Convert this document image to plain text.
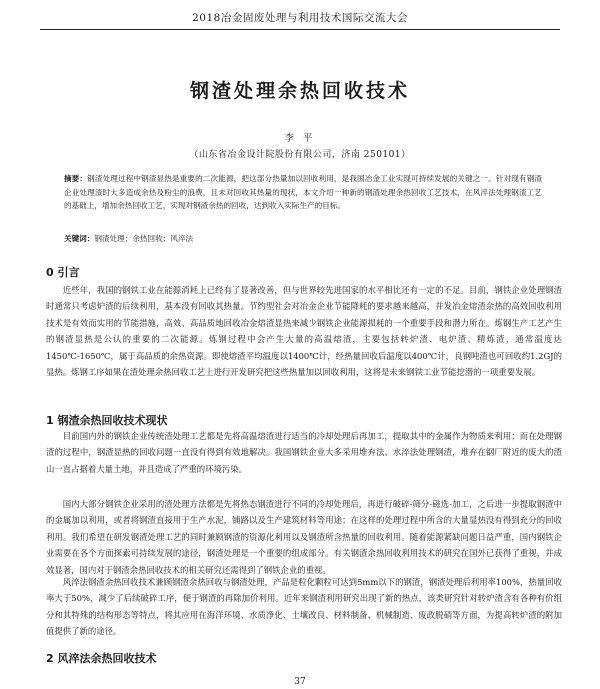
2018冶金固废处理与利用技术国际交流大会
钢渣处理余热回收技术
李 平
（山东省冶金设计院股份有限公司，济南 250101）
摘要：钢渣处理过程中钢渣显热是重要的二次能源，把这部分热量加以回收利用，是我国冶金工业实现可持续发展的关键之一。针对现有钢渣企业处理渣时大多造成余热及粉尘的浪费，且未对回收其热量的现状，本文介绍一种新的钢渣处理余热回收工艺技术，在风淬法处理钢渣工艺的基础上，增加余热回收工艺，实现对钢渣余热的回收，达到收入实际生产的目标。
关键词：钢渣处理；余热回收；风淬法
0 引言
近些年，我国的钢铁工业在能源消耗上已经有了显著改善，但与世界较先进国家的水平相比还有一定的不足。目前，钢铁企业处理钢渣时通常只考虑炉渣的后续利用，基本没有回收其热量。节约型社会对冶金企业节能降耗的要求越来越高，并发冶金熔渣余热的高效回收利用技术是有效而实用的节能措施，高效、高品质地回收冶金熔渣显热来减少钢铁企业能源损耗的一个重要手段和潜力所在。炼钢生产工艺产生的钢渣显热是公认的重要的二次能源。炼钢过程中会产生大量的高温熔渣，主要包括转炉渣、电炉渣、精炼渣，通常温度达1450℃-1650℃，属于高品质的余热资源。即使熔渣平均温度以1400℃计，经热量回收后温度以400℃计，良钢吨渣也可回收约1.2GJ的显热。炼钢工序如果在渣处理余热回收工艺上进行开发研究把这些热量加以回收利用，这将是未来钢铁工业节能挖潜的一项重要发展。
1 钢渣余热回收技术现状
目前国内外的钢铁企业传统渣处理工艺都是先将高温熔渣进行适当的冷却处理后再加工，提取其中的金属作为物质来利用；而在处理钢渣的过程中，钢渣显热的回收问题一直没有得到有效地解决。我国钢铁企业大多采用堆弃法、水淬法处理钢渣，堆弃在钢厂附近的废大的渣山一直占据着大量土地，并且造成了严重的环境污染。
国内大部分钢铁企业采用的渣处理方法都是先将热态钢渣进行不同的冷却处理后，再进行破碎-筛分-磁选-加工，之后进一步提取钢渣中的金属加以利用，或者将钢渣直接用于生产水泥，铺路以及生产建筑材料等用途；在这样的处理过程中所含的大量显热没有得到充分的回收利用。我们希望在研发钢渣处理工艺的同时兼顾钢渣的资源化利用以及钢渣所含热量的回收利用。随着能源紧缺问题日益严重，国内钢铁企业需要在各个方面探索可持续发展的途径，钢渣处理是一个重要的组成部分。有关钢渣余热回收利用技术的研究在国外已获得了重视，并成效显著，国内对于钢渣余热回收技术的相关研究还需得到了钢铁企业的重视。
风淬法钢渣余热回收技术兼顾钢渣余热回收与钢渣处理，产品是粒化颗粒可达到5mm以下的钢渣，钢渣处理后利用率100%，热量回收率大于50%，减少了后续破碎工序，便于钢渣的再除加价利用。近年来钢渣利用研究出现了新的热点，该类研究针对转炉渣含有各种有价组分和其特殊的结构形态等特点，将其应用在海洋环境、水质净化、土壤改良、材料制备、机械制造、废政脱硝等方面，为提高转炉渣的附加值提供了新的途径。
2 风淬法余热回收技术
37
